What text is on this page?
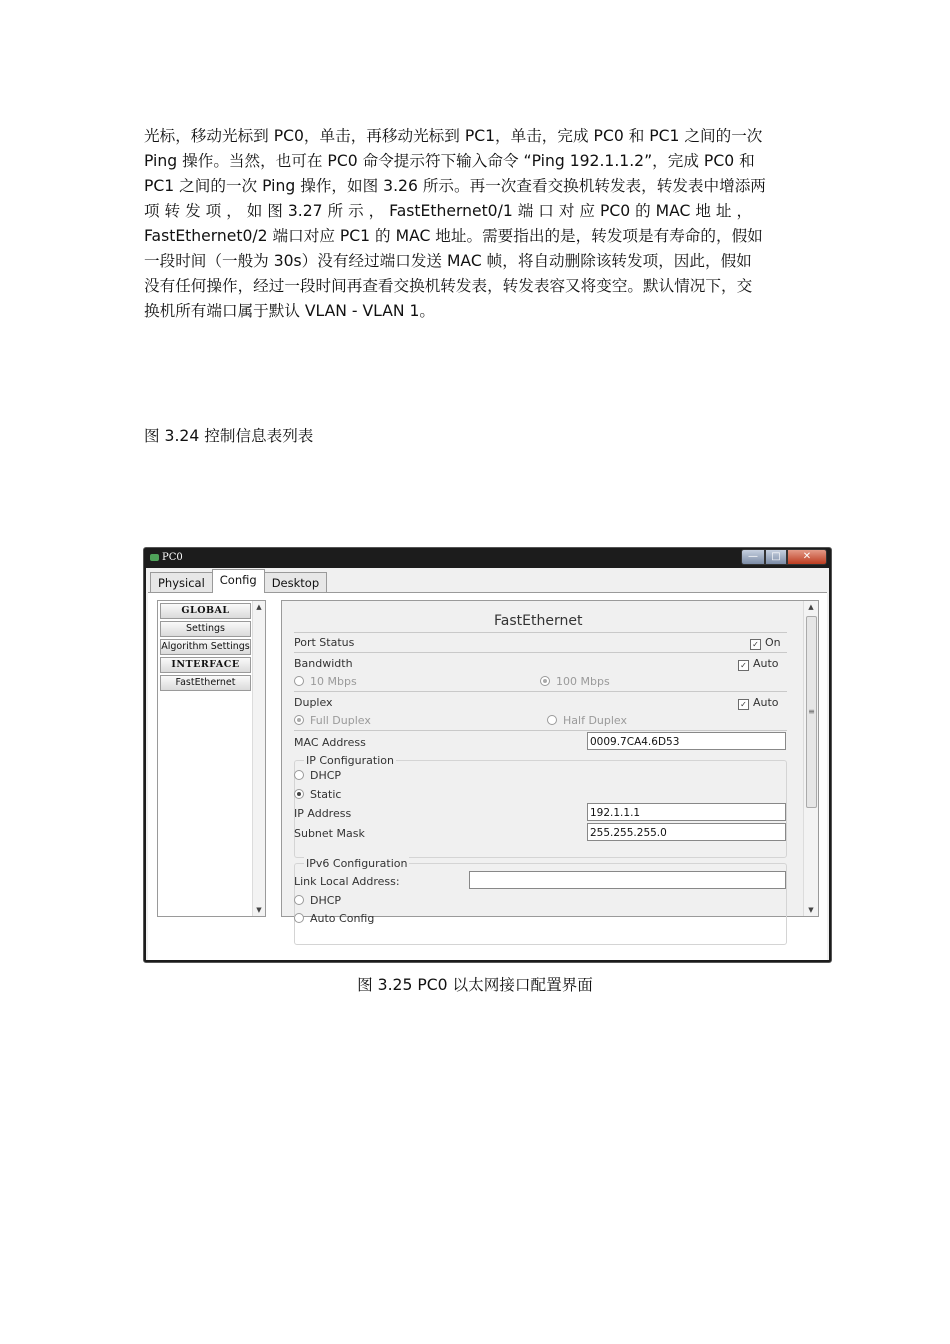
光标，移动光标到 PC0，单击，再移动光标到 PC1，单击，完成 PC0 和 PC1 之间的一次
Ping 操作。当然，也可在 PC0 命令提示符下输入命令 “Ping 192.1.1.2”，完成 PC0 和
PC1 之间的一次 Ping 操作，如图 3.26 所示。再一次查看交换机转发表，转发表中增添两
项 转 发 项 ， 如 图 3.27 所 示 ， FastEthernet0/1 端 口 对 应 PC0 的 MAC 地 址 ，
FastEthernet0/2 端口对应 PC1 的 MAC 地址。需要指出的是，转发项是有寿命的，假如
一段时间（一般为 30s）没有经过端口发送 MAC 帧，将自动删除该转发项，因此，假如
没有任何操作，经过一段时间再查看交换机转发表，转发表容又将变空。默认情况下，交
换机所有端口属于默认 VLAN - VLAN 1。
图 3.24 控制信息表列表
PC0	—	□	✕
Physical	Config	Desktop
GLOBAL
Settings
Algorithm Settings
INTERFACE
FastEthernet
▲
▼
FastEthernet
Port Status	✓ On
Bandwidth	✓ Auto
10 Mbps	100 Mbps
Duplex	✓ Auto
Full Duplex	Half Duplex
MAC Address	0009.7CA4.6D53
IP Configuration
DHCP
Static
IP Address	192.1.1.1
Subnet Mask	255.255.255.0
IPv6 Configuration
Link Local Address:
DHCP
Auto Config
▲
≡
▼
图 3.25 PC0 以太网接口配置界面
